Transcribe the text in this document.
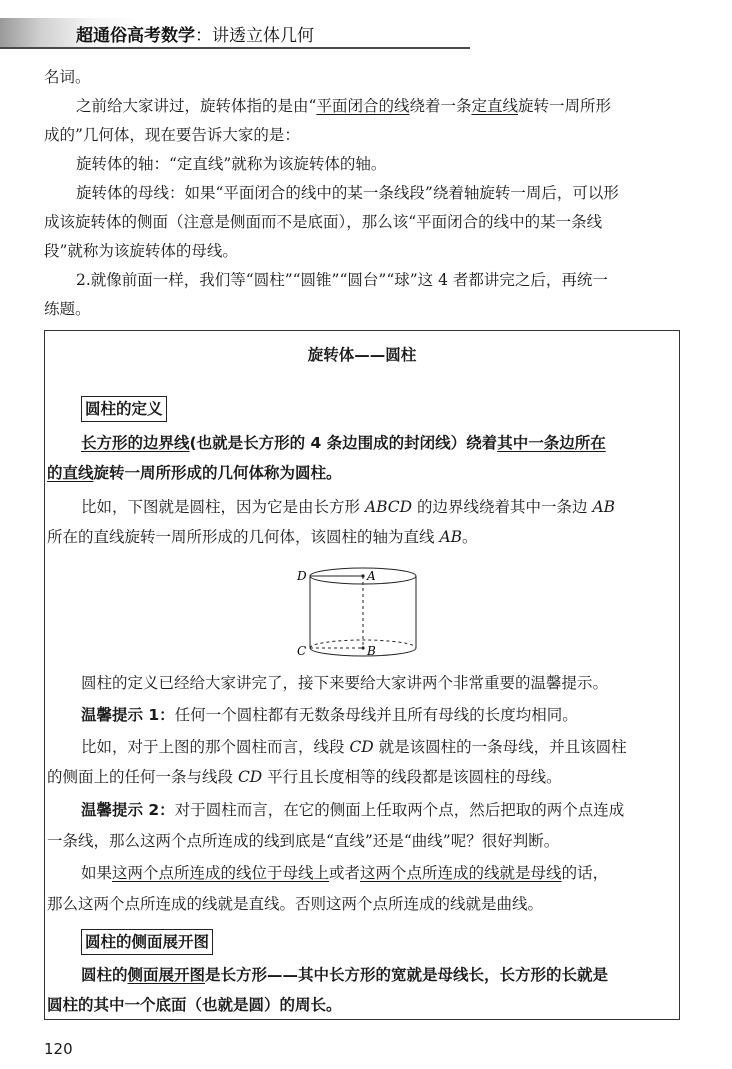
超通俗高考数学：讲透立体几何
名词。
之前给大家讲过，旋转体指的是由“平面闭合的线绕着一条定直线旋转一周所形
成的”几何体，现在要告诉大家的是：
旋转体的轴：“定直线”就称为该旋转体的轴。
旋转体的母线：如果“平面闭合的线中的某一条线段”绕着轴旋转一周后，可以形
成该旋转体的侧面（注意是侧面而不是底面），那么该“平面闭合的线中的某一条线
段”就称为该旋转体的母线。
2.就像前面一样，我们等“圆柱”“圆锥”“圆台”“球”这 4 者都讲完之后，再统一
练题。
旋转体——圆柱
圆柱的定义
长方形的边界线(也就是长方形的 4 条边围成的封闭线）绕着其中一条边所在
的直线旋转一周所形成的几何体称为圆柱。
比如，下图就是圆柱，因为它是由长方形 ABCD 的边界线绕着其中一条边 AB
所在的直线旋转一周所形成的几何体，该圆柱的轴为直线 AB。
D	A
C	B
圆柱的定义已经给大家讲完了，接下来要给大家讲两个非常重要的温馨提示。
温馨提示 1：任何一个圆柱都有无数条母线并且所有母线的长度均相同。
比如，对于上图的那个圆柱而言，线段 CD 就是该圆柱的一条母线，并且该圆柱
的侧面上的任何一条与线段 CD 平行且长度相等的线段都是该圆柱的母线。
温馨提示 2：对于圆柱而言，在它的侧面上任取两个点，然后把取的两个点连成
一条线，那么这两个点所连成的线到底是“直线”还是“曲线”呢？很好判断。
如果这两个点所连成的线位于母线上或者这两个点所连成的线就是母线的话，
那么这两个点所连成的线就是直线。否则这两个点所连成的线就是曲线。
圆柱的侧面展开图
圆柱的侧面展开图是长方形——其中长方形的宽就是母线长，长方形的长就是
圆柱的其中一个底面（也就是圆）的周长。
120
